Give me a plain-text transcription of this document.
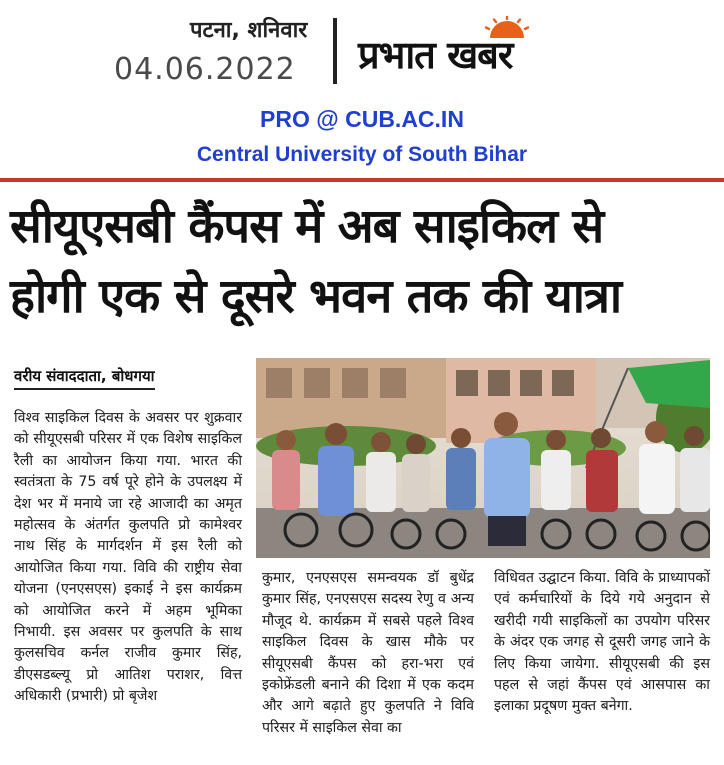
पटना, शनिवार
04.06.2022 प्रभात खबर
PRO @ CUB.AC.IN
Central University of South Bihar
सीयूएसबी कैंपस में अब साइकिल से
होगी एक से दूसरे भवन तक की यात्रा
वरीय संवाददाता, बोधगया
विश्व साइकिल दिवस के अवसर पर शुक्रवार को सीयूएसबी परिसर में एक विशेष साइकिल रैली का आयोजन किया गया. भारत की स्वतंत्रता के 75 वर्ष पूरे होने के उपलक्ष्य में देश भर में मनाये जा रहे आजादी का अमृत महोत्सव के अंतर्गत कुलपति प्रो कामेश्वर नाथ सिंह के मार्गदर्शन में इस रैली को आयोजित किया गया. विवि की राष्ट्रीय सेवा योजना (एनएसएस) इकाई ने इस कार्यक्रम को आयोजित करने में अहम भूमिका निभायी. इस अवसर पर कुलपति के साथ कुलसचिव कर्नल राजीव कुमार सिंह, डीएसडब्ल्यू प्रो आतिश पराशर, वित्त अधिकारी (प्रभारी) प्रो बृजेश
कुमार, एनएसएस समन्वयक डॉ बुधेंद्र कुमार सिंह, एनएसएस सदस्य रेणु व अन्य मौजूद थे. कार्यक्रम में सबसे पहले विश्व साइकिल दिवस के खास मौके पर सीयूएसबी कैंपस को हरा-भरा एवं इकोफ्रेंडली बनाने की दिशा में एक कदम और आगे बढ़ाते हुए कुलपति ने विवि परिसर में साइकिल सेवा का
विधिवत उद्घाटन किया. विवि के प्राध्यापकों एवं कर्मचारियों के दिये गये अनुदान से खरीदी गयी साइकिलों का उपयोग परिसर के अंदर एक जगह से दूसरी जगह जाने के लिए किया जायेगा. सीयूएसबी की इस पहल से जहां कैंपस एवं आसपास का इलाका प्रदूषण मुक्त बनेगा.
